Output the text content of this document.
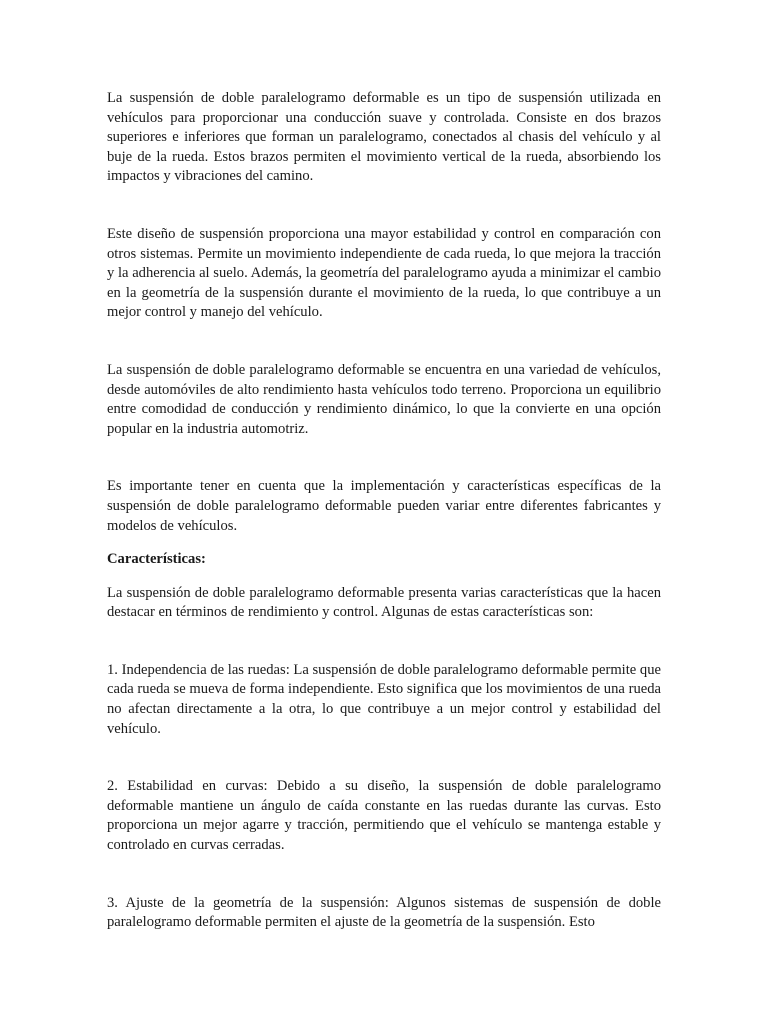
La suspensión de doble paralelogramo deformable es un tipo de suspensión utilizada en vehículos para proporcionar una conducción suave y controlada. Consiste en dos brazos superiores e inferiores que forman un paralelogramo, conectados al chasis del vehículo y al buje de la rueda. Estos brazos permiten el movimiento vertical de la rueda, absorbiendo los impactos y vibraciones del camino.

Este diseño de suspensión proporciona una mayor estabilidad y control en comparación con otros sistemas. Permite un movimiento independiente de cada rueda, lo que mejora la tracción y la adherencia al suelo. Además, la geometría del paralelogramo ayuda a minimizar el cambio en la geometría de la suspensión durante el movimiento de la rueda, lo que contribuye a un mejor control y manejo del vehículo.

La suspensión de doble paralelogramo deformable se encuentra en una variedad de vehículos, desde automóviles de alto rendimiento hasta vehículos todo terreno. Proporciona un equilibrio entre comodidad de conducción y rendimiento dinámico, lo que la convierte en una opción popular en la industria automotriz.

Es importante tener en cuenta que la implementación y características específicas de la suspensión de doble paralelogramo deformable pueden variar entre diferentes fabricantes y modelos de vehículos.

Características:

La suspensión de doble paralelogramo deformable presenta varias características que la hacen destacar en términos de rendimiento y control. Algunas de estas características son:

1. Independencia de las ruedas: La suspensión de doble paralelogramo deformable permite que cada rueda se mueva de forma independiente. Esto significa que los movimientos de una rueda no afectan directamente a la otra, lo que contribuye a un mejor control y estabilidad del vehículo.

2. Estabilidad en curvas: Debido a su diseño, la suspensión de doble paralelogramo deformable mantiene un ángulo de caída constante en las ruedas durante las curvas. Esto proporciona un mejor agarre y tracción, permitiendo que el vehículo se mantenga estable y controlado en curvas cerradas.

3. Ajuste de la geometría de la suspensión: Algunos sistemas de suspensión de doble paralelogramo deformable permiten el ajuste de la geometría de la suspensión. Esto
